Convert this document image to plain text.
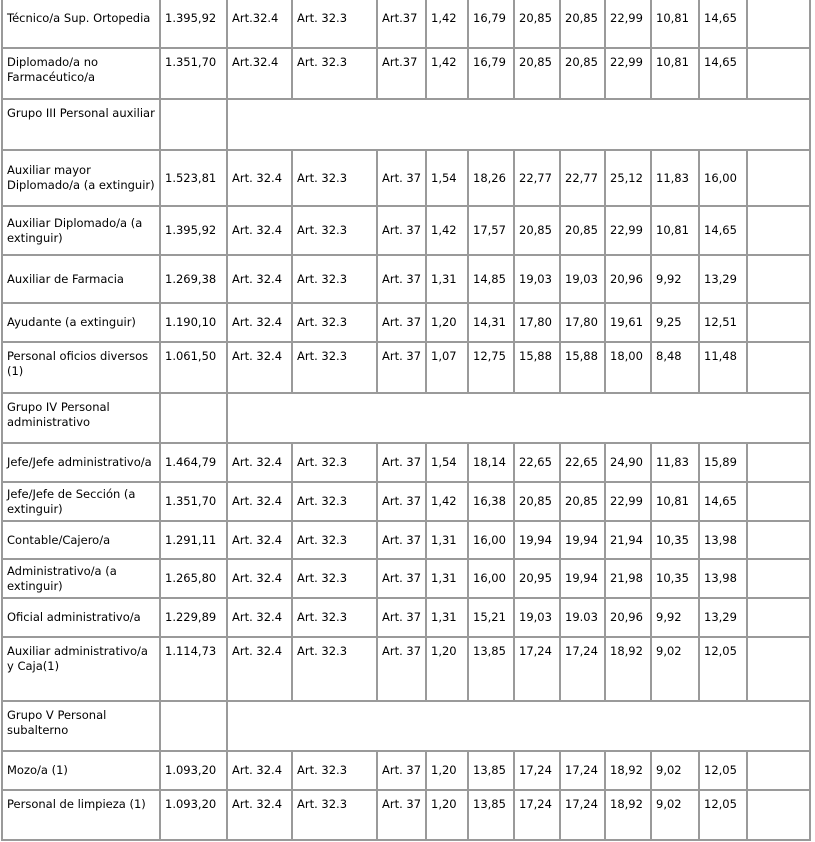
Técnico/a Sup. Ortopedia	1.395,92	Art.32.4	Art. 32.3	Art.37	1,42	16,79	20,85	20,85	22,99	10,81	14,65	
Diplomado/a no Farmacéutico/a	1.351,70	Art.32.4	Art. 32.3	Art.37	1,42	16,79	20,85	20,85	22,99	10,81	14,65	
Grupo III Personal auxiliar												
Auxiliar mayor Diplomado/a (a extinguir)	1.523,81	Art. 32.4	Art. 32.3	Art. 37	1,54	18,26	22,77	22,77	25,12	11,83	16,00	
Auxiliar Diplomado/a (a extinguir)	1.395,92	Art. 32.4	Art. 32.3	Art. 37	1,42	17,57	20,85	20,85	22,99	10,81	14,65	
Auxiliar de Farmacia	1.269,38	Art. 32.4	Art. 32.3	Art. 37	1,31	14,85	19,03	19,03	20,96	9,92	13,29	
Ayudante (a extinguir)	1.190,10	Art. 32.4	Art. 32.3	Art. 37	1,20	14,31	17,80	17,80	19,61	9,25	12,51	
Personal oficios diversos (1)	1.061,50	Art. 32.4	Art. 32.3	Art. 37	1,07	12,75	15,88	15,88	18,00	8,48	11,48	
Grupo IV Personal administrativo												
Jefe/Jefe administrativo/a	1.464,79	Art. 32.4	Art. 32.3	Art. 37	1,54	18,14	22,65	22,65	24,90	11,83	15,89	
Jefe/Jefe de Sección (a extinguir)	1.351,70	Art. 32.4	Art. 32.3	Art. 37	1,42	16,38	20,85	20,85	22,99	10,81	14,65	
Contable/Cajero/a	1.291,11	Art. 32.4	Art. 32.3	Art. 37	1,31	16,00	19,94	19,94	21,94	10,35	13,98	
Administrativo/a (a extinguir)	1.265,80	Art. 32.4	Art. 32.3	Art. 37	1,31	16,00	20,95	19,94	21,98	10,35	13,98	
Oficial administrativo/a	1.229,89	Art. 32.4	Art. 32.3	Art. 37	1,31	15,21	19,03	19.03	20,96	9,92	13,29	
Auxiliar administrativo/a y Caja(1)	1.114,73	Art. 32.4	Art. 32.3	Art. 37	1,20	13,85	17,24	17,24	18,92	9,02	12,05	
Grupo V Personal subalterno												
Mozo/a (1)	1.093,20	Art. 32.4	Art. 32.3	Art. 37	1,20	13,85	17,24	17,24	18,92	9,02	12,05	
Personal de limpieza (1)	1.093,20	Art. 32.4	Art. 32.3	Art. 37	1,20	13,85	17,24	17,24	18,92	9,02	12,05	
